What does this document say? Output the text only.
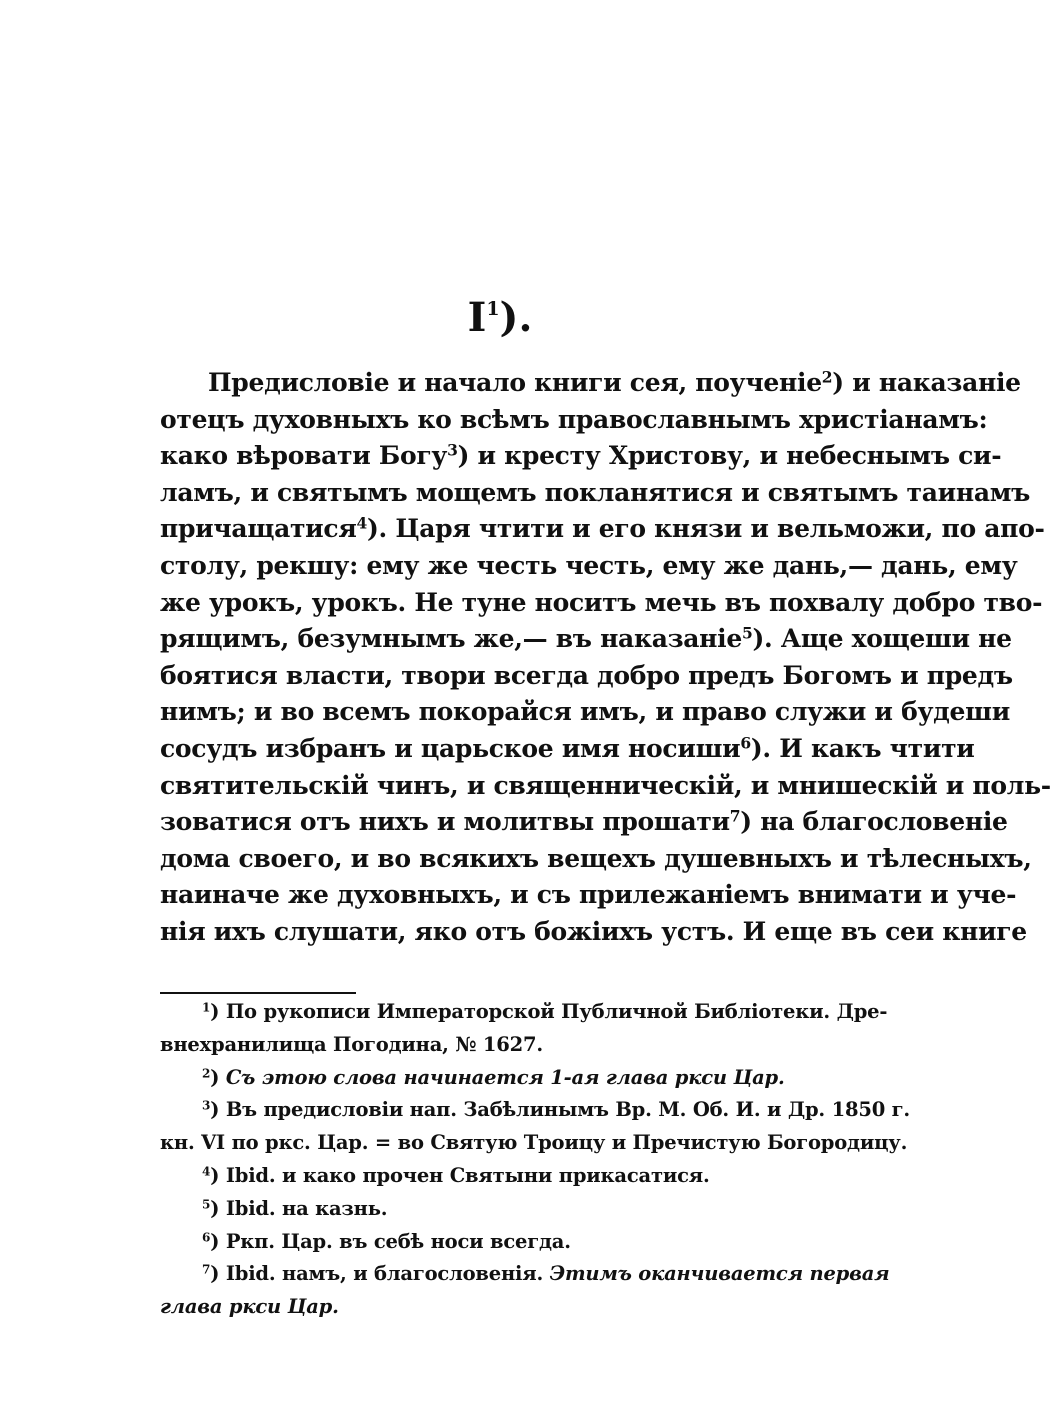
$I^1$).
Предисловіе и начало книги сея, поученіе$^2$) и наказаніе
отецъ духовныхъ ко всѣмъ православнымъ христіанамъ:
како вѣровати Богу$^3$) и кресту Христову, и небеснымъ си-
ламъ, и святымъ мощемъ покланятися и святымъ таинамъ
причащатися$^4$). Царя чтити и его князи и вельможи, по апо-
столу, рекшу: ему же честь честь, ему же дань,— дань, ему
же урокъ, урокъ. Не туне носитъ мечь въ похвалу добро тво-
рящимъ, безумнымъ же,— въ наказаніе$^5$). Аще хощеши не
боятися власти, твори всегда добро предъ Богомъ и предъ
нимъ; и во всемъ покорайся имъ, и право служи и будеши
сосудъ избранъ и царьское имя носиши$^6$). И какъ чтити
святительскій чинъ, и священническій, и мнишескій и поль-
зоватися отъ нихъ и молитвы прошати$^7$) на благословеніе
дома своего, и во всякихъ вещехъ душевныхъ и тѣлесныхъ,
наиначе же духовныхъ, и съ прилежаніемъ внимати и уче-
нія ихъ слушати, яко отъ божіихъ устъ. И еще въ сеи книге
$^1$) По рукописи Императорской Публичной Библіотеки. Дре-
внехранилища Погодина, № 1627.
$^2$) Съ этою слова начинается 1-ая глава ркси Цар.
$^3$) Въ предисловіи нап. Забѣлинымъ Вр. М. Об. И. и Др. 1850 г.
кн. VI по ркс. Цар. = во Святую Троицу и Пречистую Богородицу.
$^4$) Ibid. и како прочен Святыни прикасатися.
$^5$) Ibid. на казнь.
$^6$) Ркп. Цар. въ себѣ носи всегда.
$^7$) Ibid. намъ, и благословенія. Этимъ оканчивается первая
глава ркси Цар.
